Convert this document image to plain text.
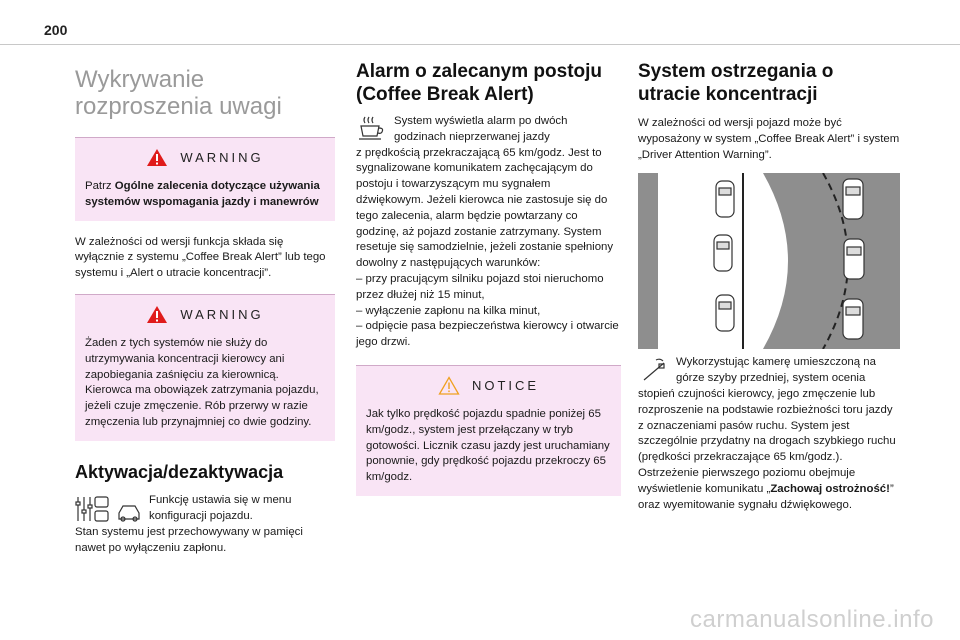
200
Wykrywanie rozproszenia uwagi
WARNING

Patrz Ogólne zalecenia dotyczące używania systemów wspomagania jazdy i manewrów

W zależności od wersji funkcja składa się wyłącznie z systemu „Coffee Break Alert” lub tego systemu i „Alert o utracie koncentracji”.

WARNING

Żaden z tych systemów nie służy do utrzymywania koncentracji kierowcy ani zapobiegania zaśnięciu za kierownicą. Kierowca ma obowiązek zatrzymania pojazdu, jeżeli czuje zmęczenie. Rób przerwy w razie zmęczenia lub przynajmniej co dwie godziny.

Aktywacja/dezaktywacja

Funkcję ustawia się w menu konfiguracji pojazdu.

Stan systemu jest przechowywany w pamięci nawet po wyłączeniu zapłonu.

Alarm o zalecanym postoju (Coffee Break Alert)

System wyświetla alarm po dwóch godzinach nieprzerwanej jazdy

z prędkością przekraczającą 65 km/godz. Jest to sygnalizowane komunikatem zachęcającym do postoju i towarzyszącym mu sygnałem dźwiękowym. Jeżeli kierowca nie zastosuje się do tego zalecenia, alarm będzie powtarzany co godzinę, aż pojazd zostanie zatrzymany. System resetuje się samodzielnie, jeżeli zostanie spełniony dowolny z następujących warunków:

– przy pracującym silniku pojazd stoi nieruchomo przez dłużej niż 15 minut,

– wyłączenie zapłonu na kilka minut,

– odpięcie pasa bezpieczeństwa kierowcy i otwarcie jego drzwi.

NOTICE

Jak tylko prędkość pojazdu spadnie poniżej 65 km/godz., system jest przełączany w tryb gotowości. Licznik czasu jazdy jest uruchamiany ponownie, gdy prędkość pojazdu przekroczy 65 km/godz.

System ostrzegania o utracie koncentracji

W zależności od wersji pojazd może być wyposażony w system „Coffee Break Alert” i system „Driver Attention Warning”.

Wykorzystując kamerę umieszczoną na górze szyby przedniej, system ocenia

stopień czujności kierowcy, jego zmęczenie lub rozproszenie na podstawie rozbieżności toru jazdy z oznaczeniami pasów ruchu. System jest szczególnie przydatny na drogach szybkiego ruchu (prędkości przekraczające 65 km/godz.). Ostrzeżenie pierwszego poziomu obejmuje wyświetlenie komunikatu „Zachowaj ostrożność!” oraz wyemitowanie sygnału dźwiękowego.

carmanualsonline.info
